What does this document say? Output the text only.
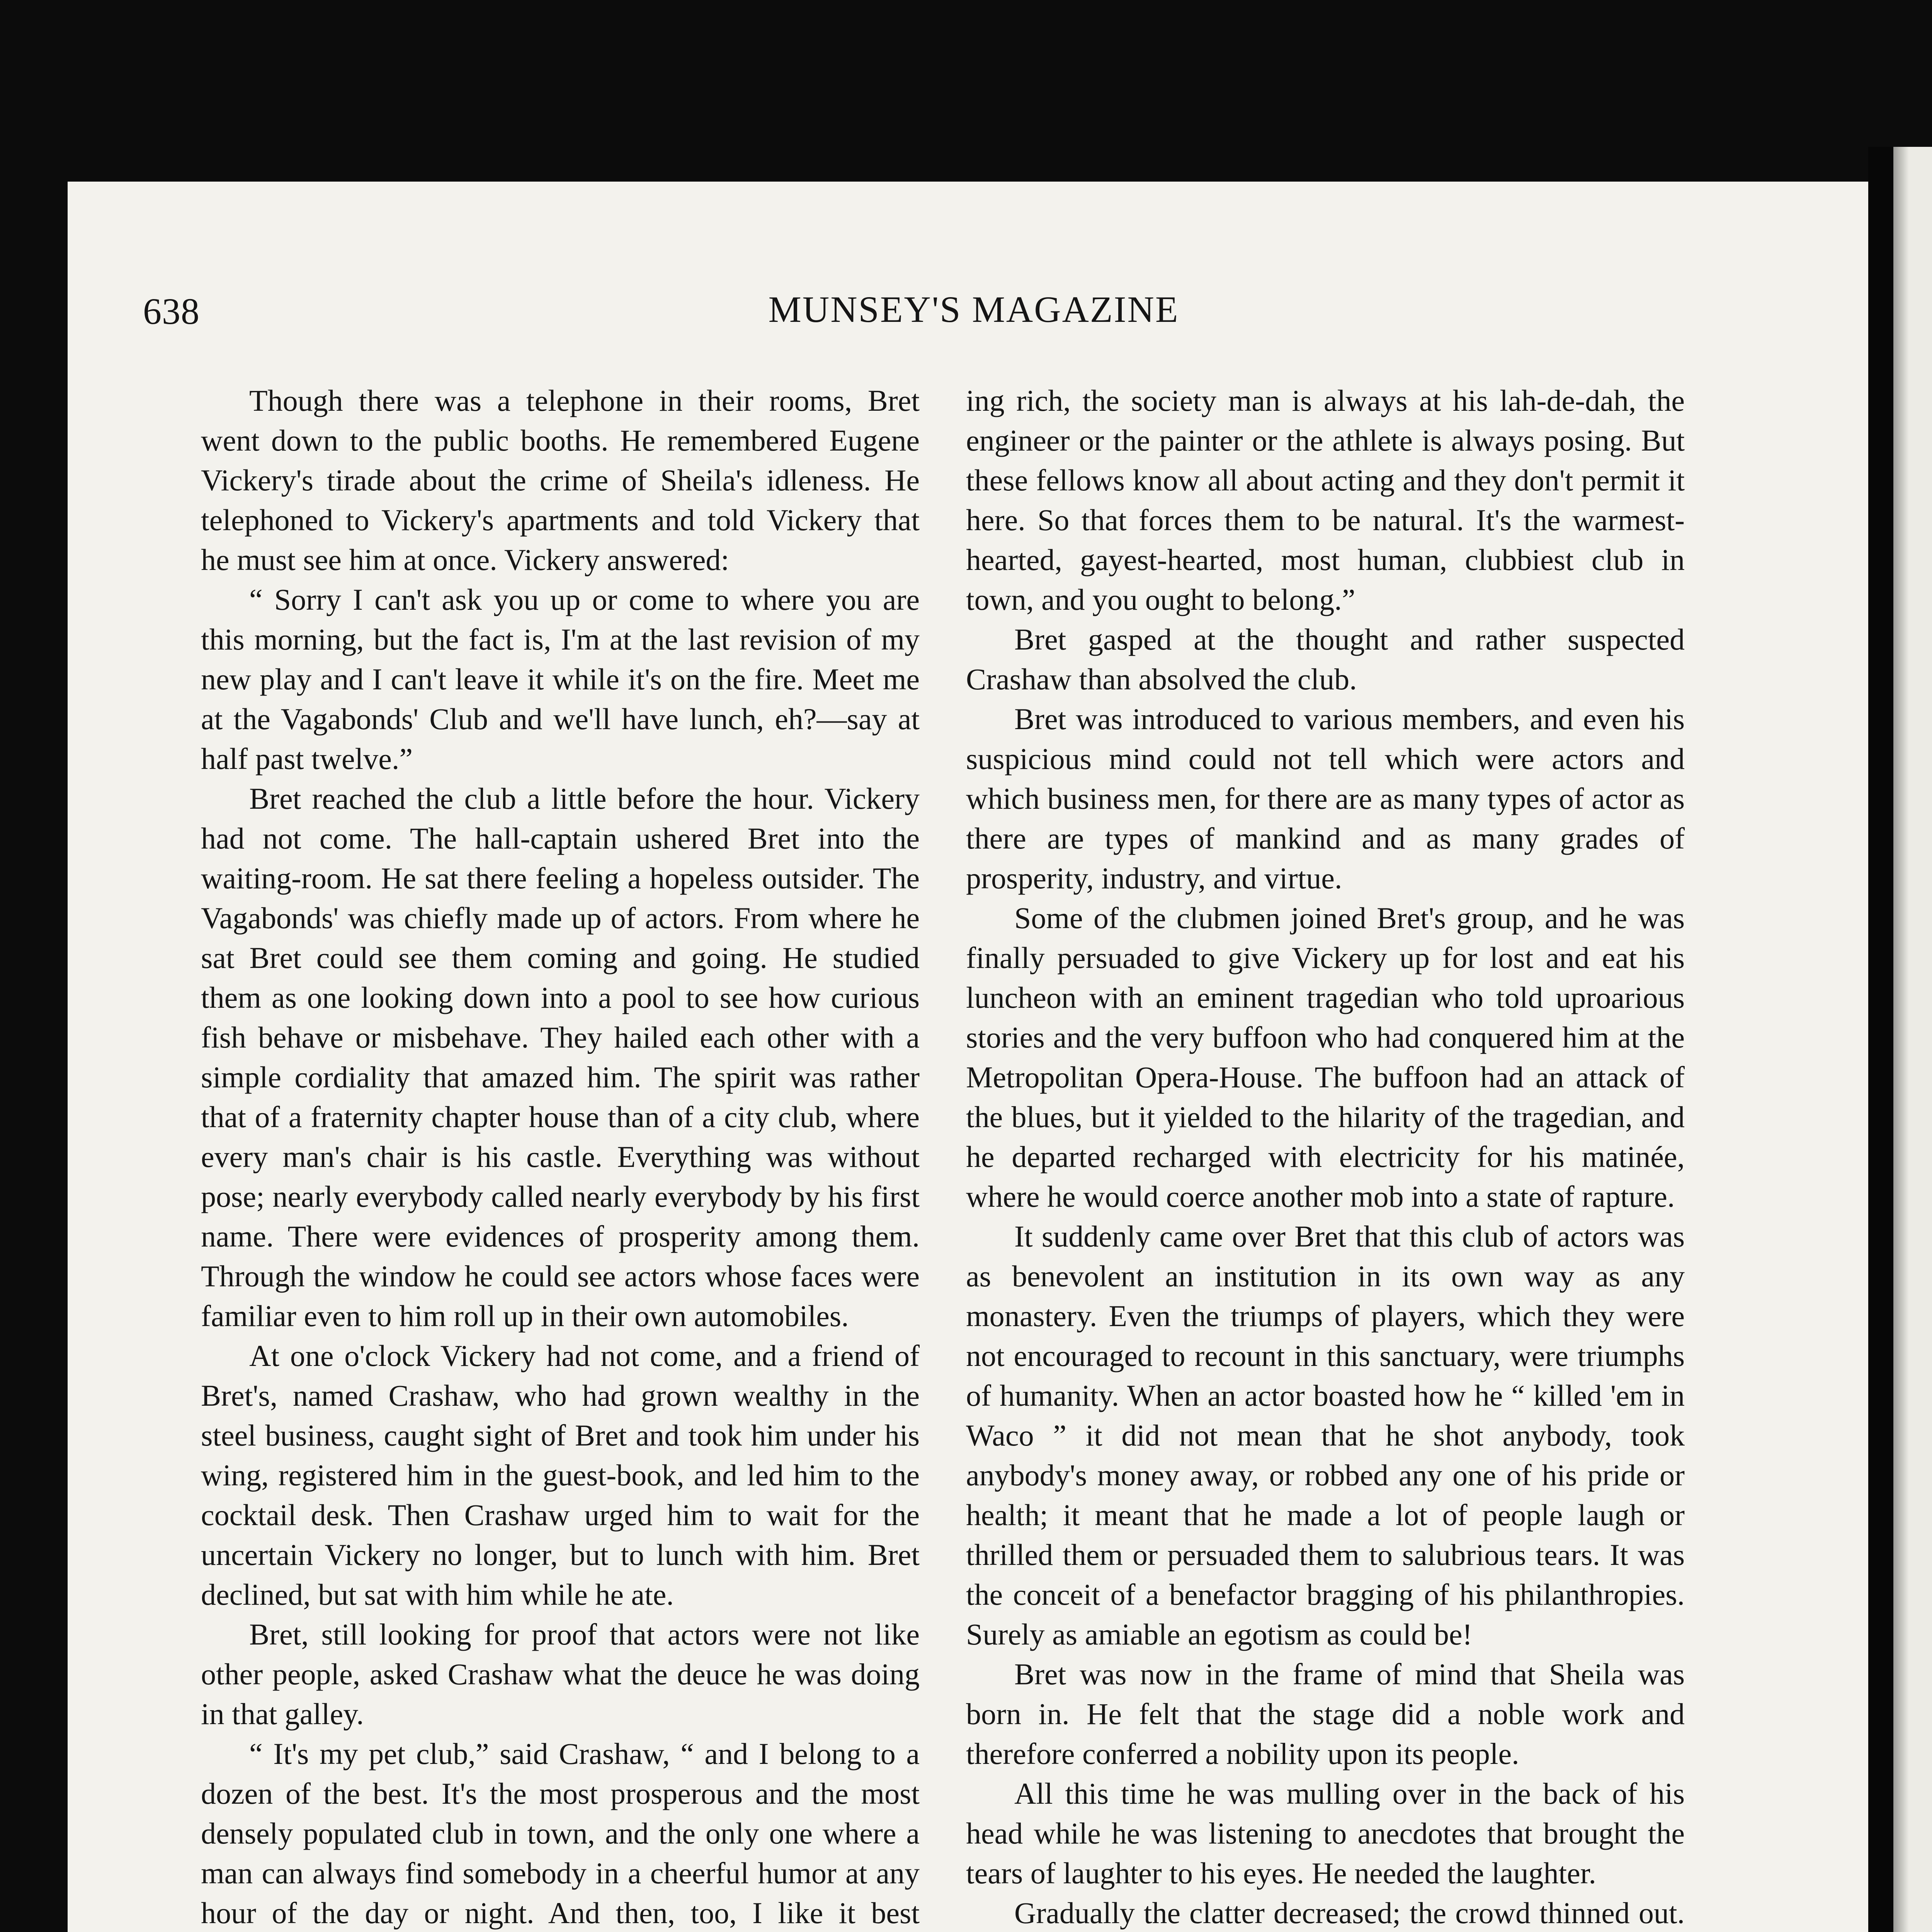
638	MUNSEY'S MAGAZINE

Though there was a telephone in their rooms, Bret went down to the public booths. He remembered Eugene Vickery's tirade about the crime of Sheila's idleness. He telephoned to Vickery's apartments and told Vickery that he must see him at once. Vickery answered:

“ Sorry I can't ask you up or come to where you are this morning, but the fact is, I'm at the last revision of my new play and I can't leave it while it's on the fire. Meet me at the Vagabonds' Club and we'll have lunch, eh?—say at half past twelve.”

Bret reached the club a little before the hour. Vickery had not come. The hall-captain ushered Bret into the waiting-room. He sat there feeling a hopeless outsider. The Vagabonds' was chiefly made up of actors. From where he sat Bret could see them coming and going. He studied them as one looking down into a pool to see how curious fish behave or misbehave. They hailed each other with a simple cordiality that amazed him. The spirit was rather that of a fraternity chapter house than of a city club, where every man's chair is his castle. Everything was without pose; nearly everybody called nearly everybody by his first name. There were evidences of prosperity among them. Through the window he could see actors whose faces were familiar even to him roll up in their own automobiles.

At one o'clock Vickery had not come, and a friend of Bret's, named Crashaw, who had grown wealthy in the steel business, caught sight of Bret and took him under his wing, registered him in the guest-book, and led him to the cocktail desk. Then Crashaw urged him to wait for the uncertain Vickery no longer, but to lunch with him. Bret declined, but sat with him while he ate.

Bret, still looking for proof that actors were not like other people, asked Crashaw what the deuce he was doing in that galley.

“ It's my pet club,” said Crashaw, “ and I belong to a dozen of the best. It's the most prosperous and the most densely populated club in town, and the only one where a man can always find somebody in a cheerful humor at any hour of the day or night. And then, too, I like it best

ing rich, the society man is always at his lah-de-dah, the engineer or the painter or the athlete is always posing. But these fellows know all about acting and they don't permit it here. So that forces them to be natural. It's the warmest-hearted, gayest-hearted, most human, clubbiest club in town, and you ought to belong.”

Bret gasped at the thought and rather suspected Crashaw than absolved the club.

Bret was introduced to various members, and even his suspicious mind could not tell which were actors and which business men, for there are as many types of actor as there are types of mankind and as many grades of prosperity, industry, and virtue.

Some of the clubmen joined Bret's group, and he was finally persuaded to give Vickery up for lost and eat his luncheon with an eminent tragedian who told uproarious stories and the very buffoon who had conquered him at the Metropolitan Opera-House. The buffoon had an attack of the blues, but it yielded to the hilarity of the tragedian, and he departed recharged with electricity for his matinée, where he would coerce another mob into a state of rapture.

It suddenly came over Bret that this club of actors was as benevolent an institution in its own way as any monastery. Even the triumps of players, which they were not encouraged to recount in this sanctuary, were triumphs of humanity. When an actor boasted how he “ killed 'em in Waco ” it did not mean that he shot anybody, took anybody's money away, or robbed any one of his pride or health; it meant that he made a lot of people laugh or thrilled them or persuaded them to salubrious tears. It was the conceit of a benefactor bragging of his philanthropies. Surely as amiable an egotism as could be!

Bret was now in the frame of mind that Sheila was born in. He felt that the stage did a noble work and therefore conferred a nobility upon its people.

All this time he was mulling over in the back of his head while he was listening to anecdotes that brought the tears of laughter to his eyes. He needed the laughter.

Gradually the clatter decreased; the crowd thinned out.
